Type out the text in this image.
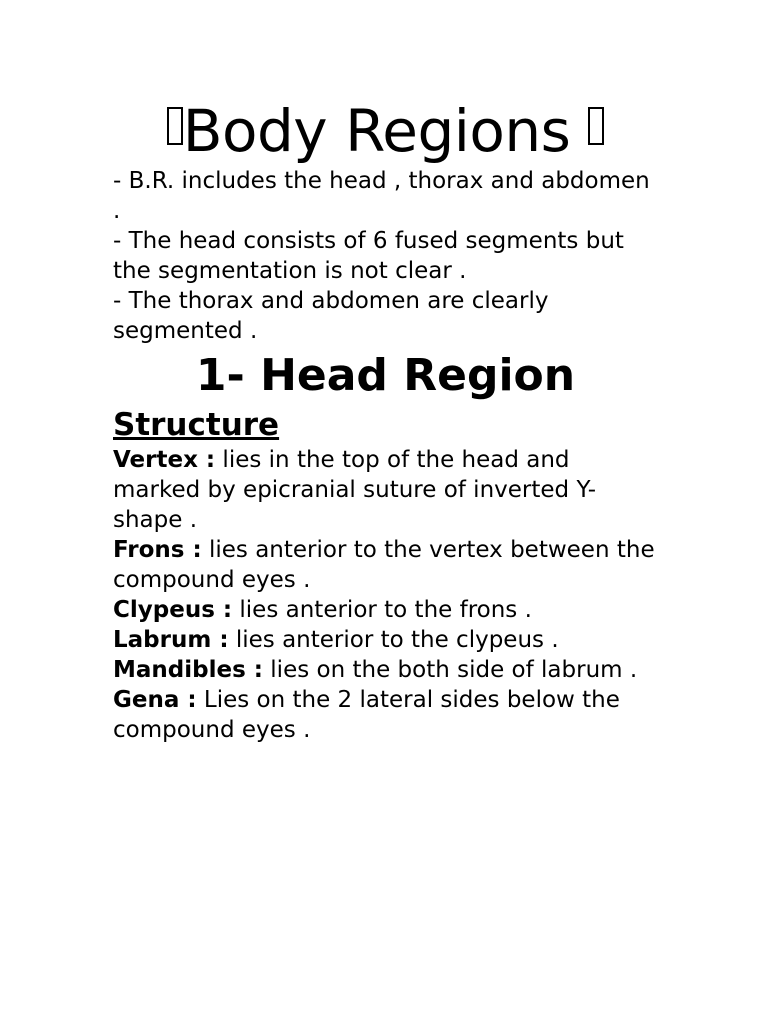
Body Regions

- B.R. includes the head , thorax and abdomen .

- The head consists of 6 fused segments but the segmentation is not clear .

- The thorax and abdomen are clearly segmented .

1- Head Region
Structure

Vertex : lies in the top of the head and marked by epicranial suture of inverted Y-shape .

Frons : lies anterior to the vertex between the compound eyes .

Clypeus : lies anterior to the frons .

Labrum : lies anterior to the clypeus .

Mandibles : lies on the both side of labrum .

Gena : Lies on the 2 lateral sides below the compound eyes .
